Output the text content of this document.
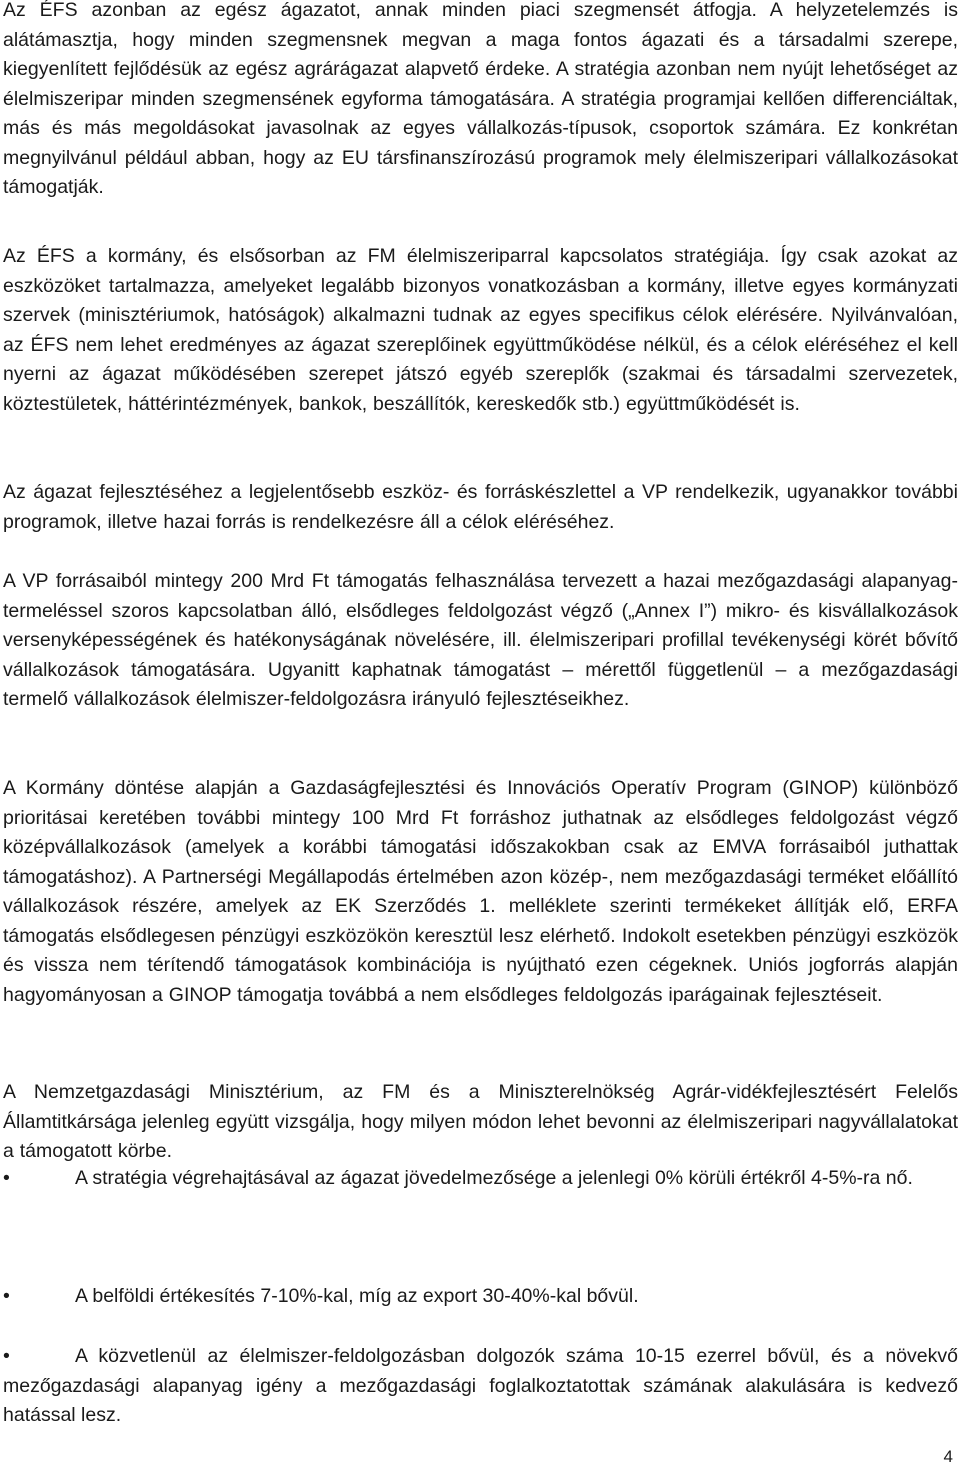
Az ÉFS azonban az egész ágazatot, annak minden piaci szegmensét átfogja. A helyzetelemzés is alátámasztja, hogy minden szegmensnek megvan a maga fontos ágazati és a társadalmi szerepe, kiegyenlített fejlődésük az egész agrárágazat alapvető érdeke. A stratégia azonban nem nyújt lehetőséget az élelmiszeripar minden szegmensének egyforma támogatására. A stratégia programjai kellően differenciáltak, más és más megoldásokat javasolnak az egyes vállalkozás-típusok, csoportok számára. Ez konkrétan megnyilvánul például abban, hogy az EU társfinanszírozású programok mely élelmiszeripari vállalkozásokat támogatják.

Az ÉFS a kormány, és elsősorban az FM élelmiszeriparral kapcsolatos stratégiája. Így csak azokat az eszközöket tartalmazza, amelyeket legalább bizonyos vonatkozásban a kormány, illetve egyes kormányzati szervek (minisztériumok, hatóságok) alkalmazni tudnak az egyes specifikus célok elérésére. Nyilvánvalóan, az ÉFS nem lehet eredményes az ágazat szereplőinek együttműködése nélkül, és a célok eléréséhez el kell nyerni az ágazat működésében szerepet játszó egyéb szereplők (szakmai és társadalmi szervezetek, köztestületek, háttérintézmények, bankok, beszállítók, kereskedők stb.) együttműködését is.

Az ágazat fejlesztéséhez a legjelentősebb eszköz- és forráskészlettel a VP rendelkezik, ugyanakkor további programok, illetve hazai forrás is rendelkezésre áll a célok eléréséhez.

A VP forrásaiból mintegy 200 Mrd Ft támogatás felhasználása tervezett a hazai mezőgazdasági alapanyag-termeléssel szoros kapcsolatban álló, elsődleges feldolgozást végző („Annex I”) mikro- és kisvállalkozások versenyképességének és hatékonyságának növelésére, ill. élelmiszeripari profillal tevékenységi körét bővítő vállalkozások támogatására. Ugyanitt kaphatnak támogatást – mérettől függetlenül – a mezőgazdasági termelő vállalkozások élelmiszer-feldolgozásra irányuló fejlesztéseikhez.

A Kormány döntése alapján a Gazdaságfejlesztési és Innovációs Operatív Program (GINOP) különböző prioritásai keretében további mintegy 100 Mrd Ft forráshoz juthatnak az elsődleges feldolgozást végző középvállalkozások (amelyek a korábbi támogatási időszakokban csak az EMVA forrásaiból juthattak támogatáshoz). A Partnerségi Megállapodás értelmében azon közép-, nem mezőgazdasági terméket előállító vállalkozások részére, amelyek az EK Szerződés 1. melléklete szerinti termékeket állítják elő, ERFA támogatás elsődlegesen pénzügyi eszközökön keresztül lesz elérhető. Indokolt esetekben pénzügyi eszközök és vissza nem térítendő támogatások kombinációja is nyújtható ezen cégeknek. Uniós jogforrás alapján hagyományosan a GINOP támogatja továbbá a nem elsődleges feldolgozás iparágainak fejlesztéseit.

A Nemzetgazdasági Minisztérium, az FM és a Miniszterelnökség Agrár-vidékfejlesztésért Felelős Államtitkársága jelenleg együtt vizsgálja, hogy milyen módon lehet bevonni az élelmiszeripari nagyvállalatokat a támogatott körbe.

•	A stratégia végrehajtásával az ágazat jövedelmezősége a jelenlegi 0% körüli értékről 4-5%-ra nő.

•	A belföldi értékesítés 7-10%-kal, míg az export 30-40%-kal bővül.

•	A közvetlenül az élelmiszer-feldolgozásban dolgozók száma 10-15 ezerrel bővül, és a növekvő mezőgazdasági alapanyag igény a mezőgazdasági foglalkoztatottak számának alakulására is kedvező hatással lesz.

4
